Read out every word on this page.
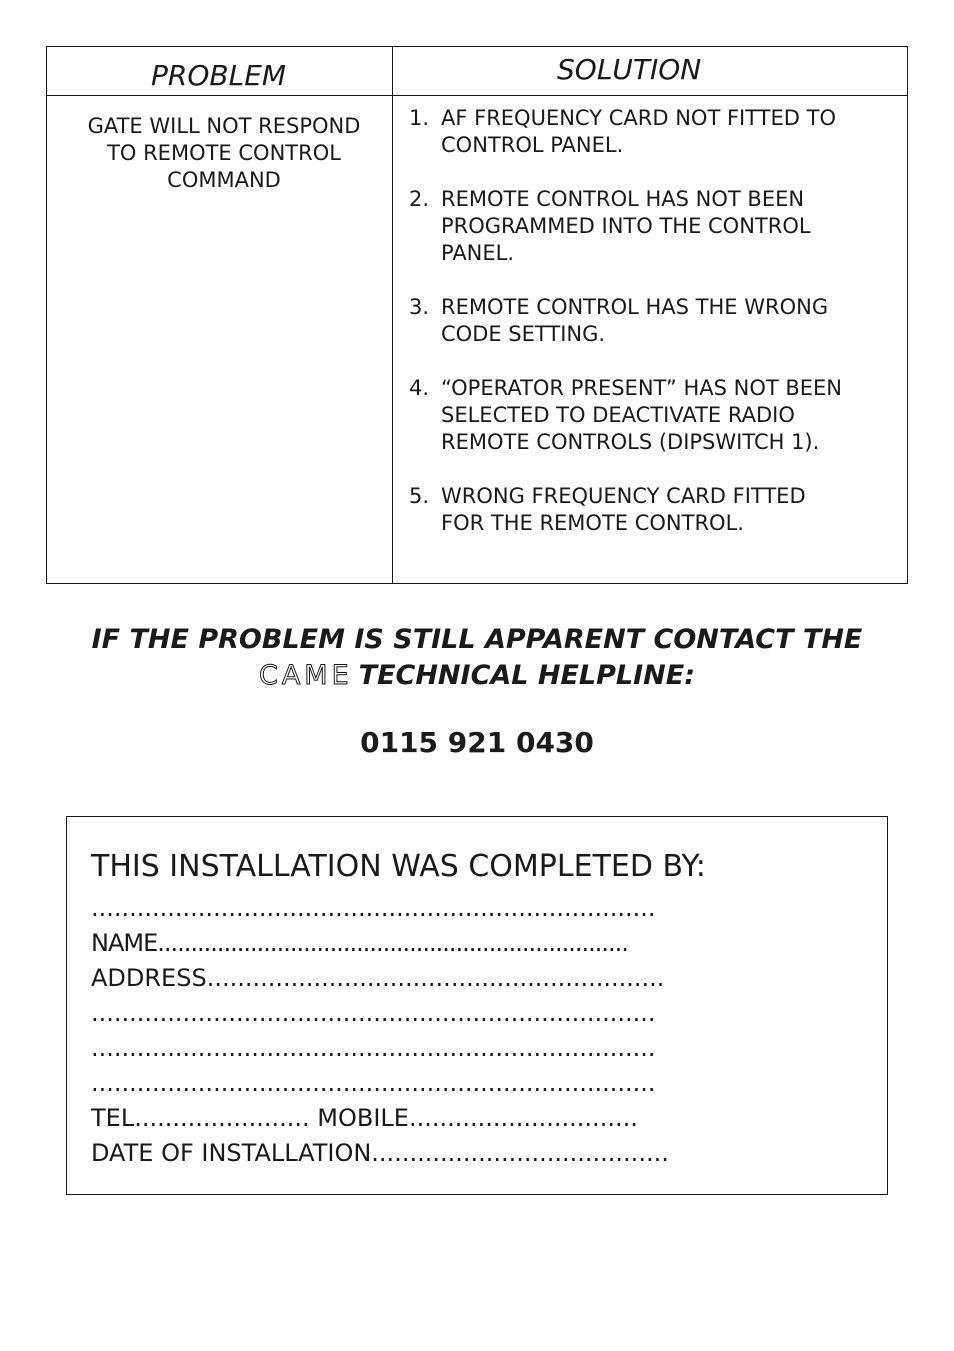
PROBLEM	SOLUTION
GATE WILL NOT RESPOND
TO REMOTE CONTROL
COMMAND
1. AF FREQUENCY CARD NOT FITTED TO
CONTROL PANEL.
2. REMOTE CONTROL HAS NOT BEEN
PROGRAMMED INTO THE CONTROL
PANEL.
3. REMOTE CONTROL HAS THE WRONG
CODE SETTING.
4. “OPERATOR PRESENT” HAS NOT BEEN
SELECTED TO DEACTIVATE RADIO
REMOTE CONTROLS (DIPSWITCH 1).
5. WRONG FREQUENCY CARD FITTED
FOR THE REMOTE CONTROL.
IF THE PROBLEM IS STILL APPARENT CONTACT THE
CAME TECHNICAL HELPLINE:
0115 921 0430
THIS INSTALLATION WAS COMPLETED BY:
..........................................................................
NAME.......................................................................
ADDRESS............................................................
..........................................................................
..........................................................................
..........................................................................
TEL....................... MOBILE..............................
DATE OF INSTALLATION.......................................
